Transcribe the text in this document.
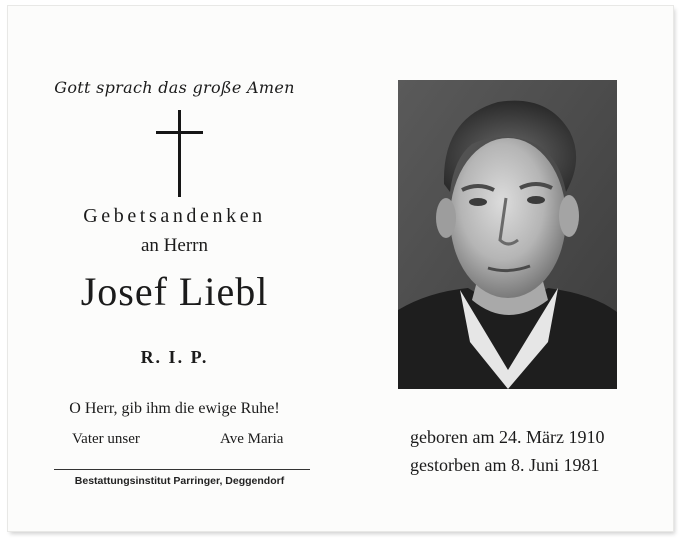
Gott sprach das große Amen
Gebetsandenken
an Herrn
Josef Liebl
R. I. P.
O Herr, gib ihm die ewige Ruhe!
Vater unser	Ave Maria
Bestattungsinstitut Parringer, Deggendorf
geboren am 24. März 1910
gestorben am 8. Juni 1981
